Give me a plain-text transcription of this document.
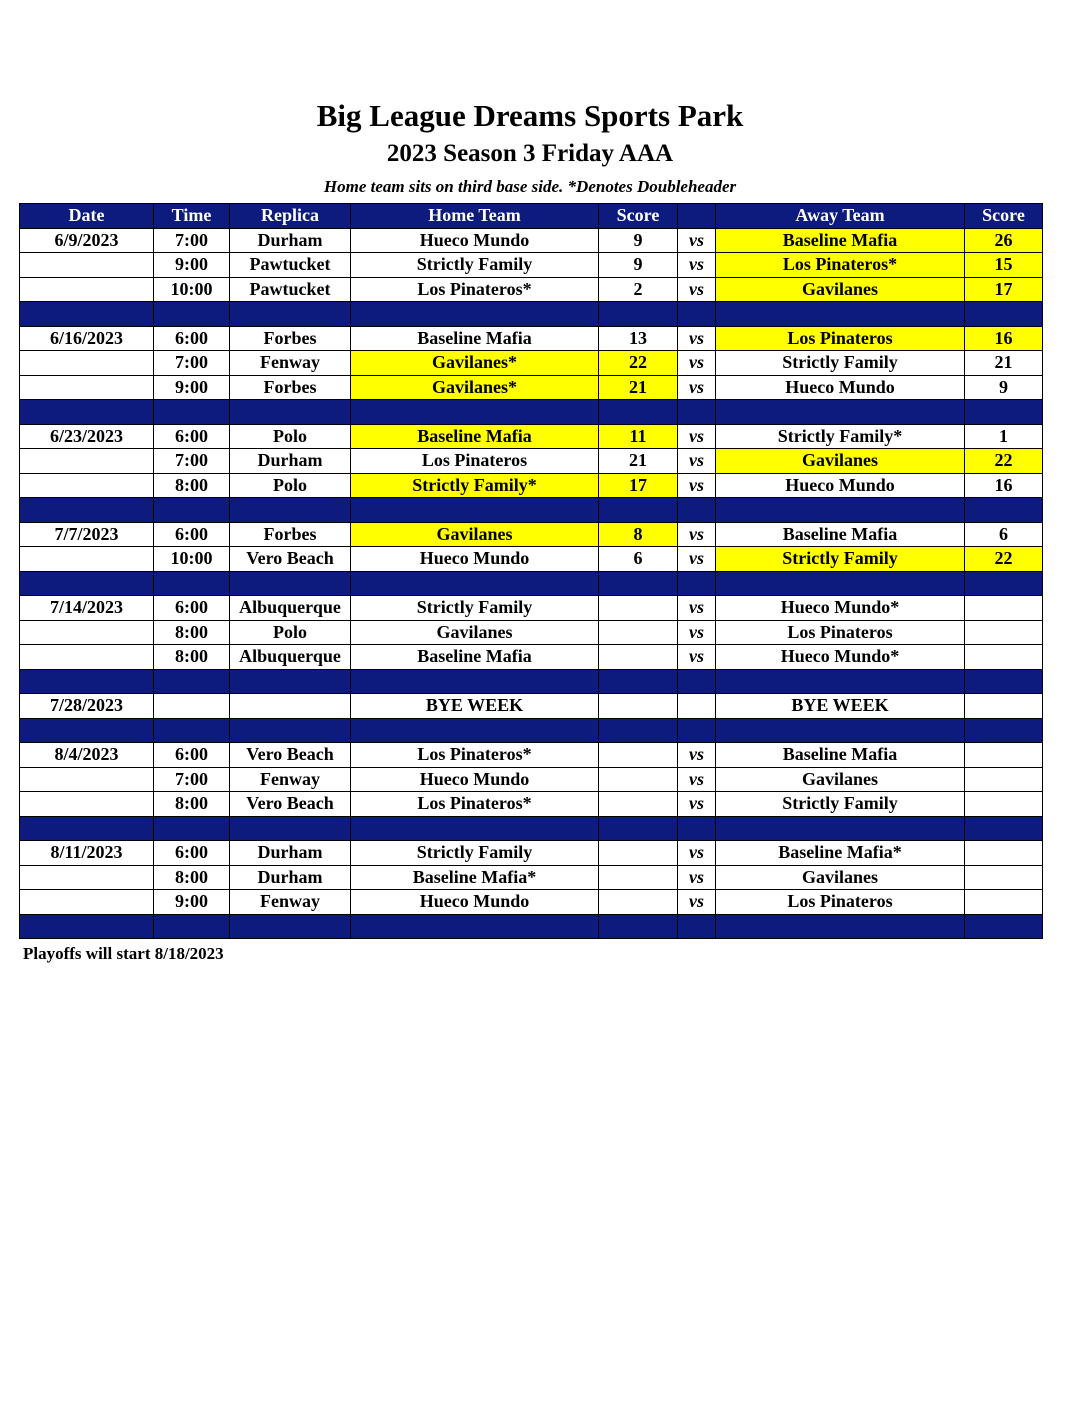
Big League Dreams Sports Park
2023 Season 3 Friday AAA
Home team sits on third base side. *Denotes Doubleheader
Date	Time	Replica	Home Team	Score		Away Team	Score
6/9/2023	7:00	Durham	Hueco Mundo	9	vs	Baseline Mafia	26
	9:00	Pawtucket	Strictly Family	9	vs	Los Pinateros*	15
	10:00	Pawtucket	Los Pinateros*	2	vs	Gavilanes	17

6/16/2023	6:00	Forbes	Baseline Mafia	13	vs	Los Pinateros	16
	7:00	Fenway	Gavilanes*	22	vs	Strictly Family	21
	9:00	Forbes	Gavilanes*	21	vs	Hueco Mundo	9

6/23/2023	6:00	Polo	Baseline Mafia	11	vs	Strictly Family*	1
	7:00	Durham	Los Pinateros	21	vs	Gavilanes	22
	8:00	Polo	Strictly Family*	17	vs	Hueco Mundo	16

7/7/2023	6:00	Forbes	Gavilanes	8	vs	Baseline Mafia	6
	10:00	Vero Beach	Hueco Mundo	6	vs	Strictly Family	22

7/14/2023	6:00	Albuquerque	Strictly Family		vs	Hueco Mundo*	
	8:00	Polo	Gavilanes		vs	Los Pinateros	
	8:00	Albuquerque	Baseline Mafia		vs	Hueco Mundo*	

7/28/2023			BYE WEEK			BYE WEEK	

8/4/2023	6:00	Vero Beach	Los Pinateros*		vs	Baseline Mafia	
	7:00	Fenway	Hueco Mundo		vs	Gavilanes	
	8:00	Vero Beach	Los Pinateros*		vs	Strictly Family	

8/11/2023	6:00	Durham	Strictly Family		vs	Baseline Mafia*	
	8:00	Durham	Baseline Mafia*		vs	Gavilanes	
	9:00	Fenway	Hueco Mundo		vs	Los Pinateros	

Playoffs will start 8/18/2023
